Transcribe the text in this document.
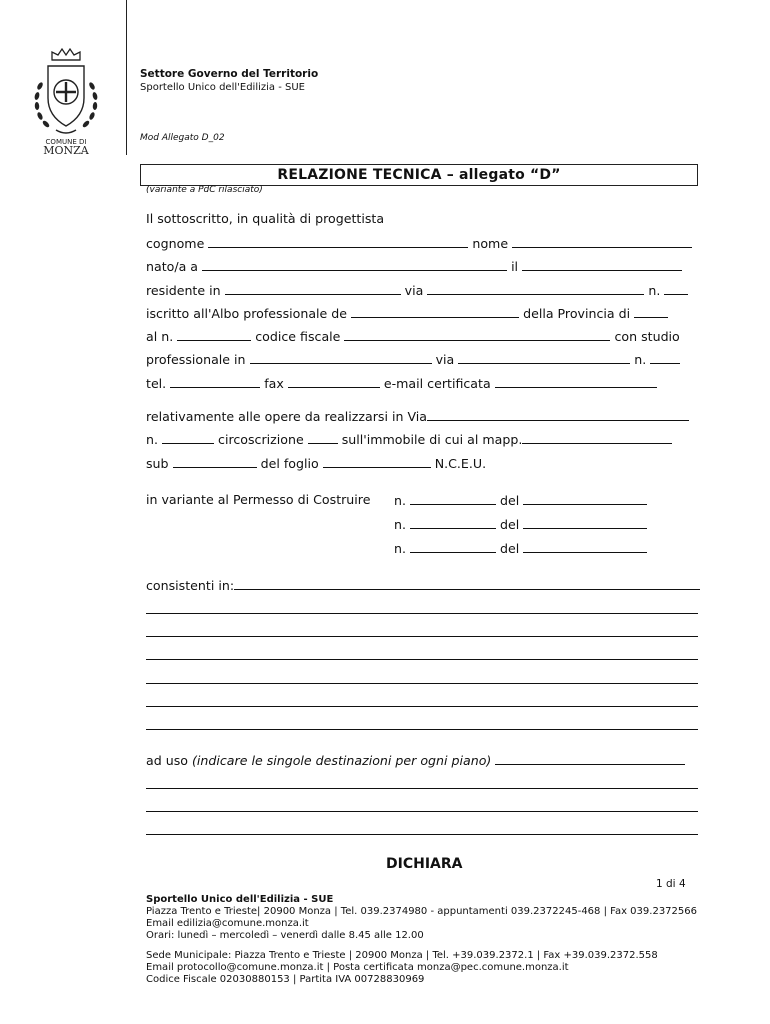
COMUNE DI
MONZA
Settore Governo del Territorio
Sportello Unico dell'Edilizia - SUE
Mod Allegato D_02
RELAZIONE TECNICA – allegato “D”
(variante a PdC rilasciato)
Il sottoscritto, in qualità di progettista
cognome	nome
nato/a a	il
residente in	via	n.
iscritto all'Albo professionale de	della Provincia di
al n.	codice fiscale	con studio
professionale in	via	n.
tel.	fax	e-mail certificata
relativamente alle opere da realizzarsi in Via
n.	circoscrizione	sull'immobile di cui al mapp.
sub	del foglio	N.C.E.U.
in variante al Permesso di Costruire n.	del
n.	del
n.	del
consistenti in:
ad uso (indicare le singole destinazioni per ogni piano)
DICHIARA
1 di 4
Sportello Unico dell'Edilizia - SUE
Piazza Trento e Trieste| 20900 Monza | Tel. 039.2374980 - appuntamenti 039.2372245-468 | Fax 039.2372566
Email edilizia@comune.monza.it
Orari: lunedì – mercoledì – venerdì dalle 8.45 alle 12.00
Sede Municipale: Piazza Trento e Trieste | 20900 Monza | Tel. +39.039.2372.1 | Fax +39.039.2372.558
Email protocollo@comune.monza.it | Posta certificata monza@pec.comune.monza.it
Codice Fiscale 02030880153 | Partita IVA 00728830969
